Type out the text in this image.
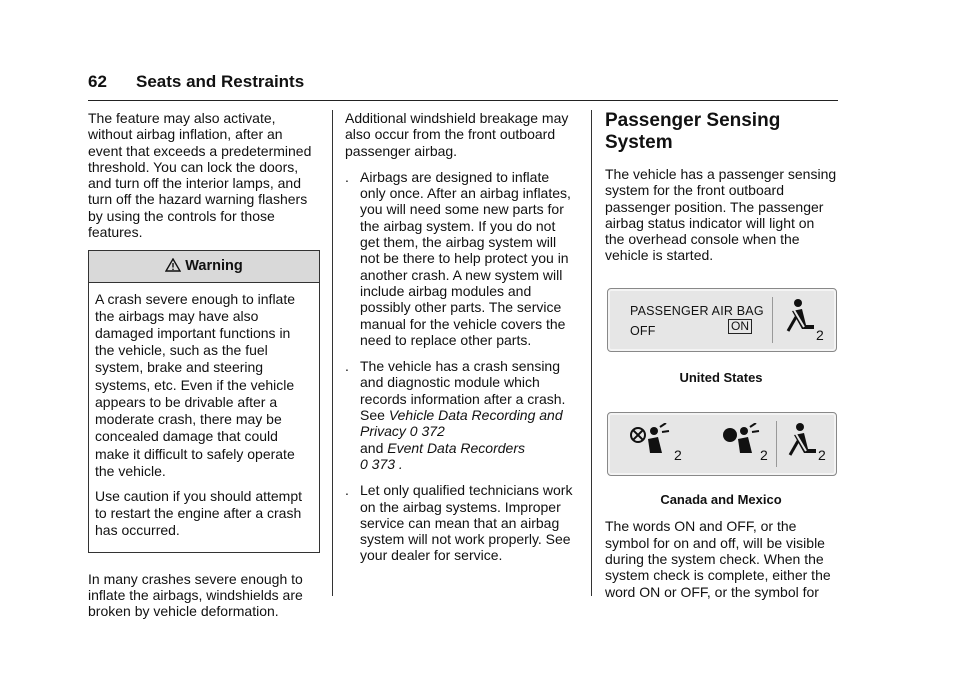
62 Seats and Restraints

The feature may also activate, without airbag inflation, after an event that exceeds a predetermined threshold. You can lock the doors, and turn off the interior lamps, and turn off the hazard warning flashers by using the controls for those features.

Warning

A crash severe enough to inflate the airbags may have also damaged important functions in the vehicle, such as the fuel system, brake and steering systems, etc. Even if the vehicle appears to be drivable after a moderate crash, there may be concealed damage that could make it difficult to safely operate the vehicle.

Use caution if you should attempt to restart the engine after a crash has occurred.

In many crashes severe enough to inflate the airbags, windshields are broken by vehicle deformation.

Additional windshield breakage may also occur from the front outboard passenger airbag.

. Airbags are designed to inflate only once. After an airbag inflates, you will need some new parts for the airbag system. If you do not get them, the airbag system will not be there to help protect you in another crash. A new system will include airbag modules and possibly other parts. The service manual for the vehicle covers the need to replace other parts.
. The vehicle has a crash sensing and diagnostic module which records information after a crash. See Vehicle Data Recording and Privacy 0 372
and Event Data Recorders
0 373 .
. Let only qualified technicians work on the airbag systems. Improper service can mean that an airbag system will not work properly. See your dealer for service.
Passenger Sensing System

The vehicle has a passenger sensing system for the front outboard passenger position. The passenger airbag status indicator will light on the overhead console when the vehicle is started.

PASSENGER AIR BAG
OFF	ON
2
United States
2	2	2
Canada and Mexico

The words ON and OFF, or the symbol for on and off, will be visible during the system check. When the system check is complete, either the word ON or OFF, or the symbol for
